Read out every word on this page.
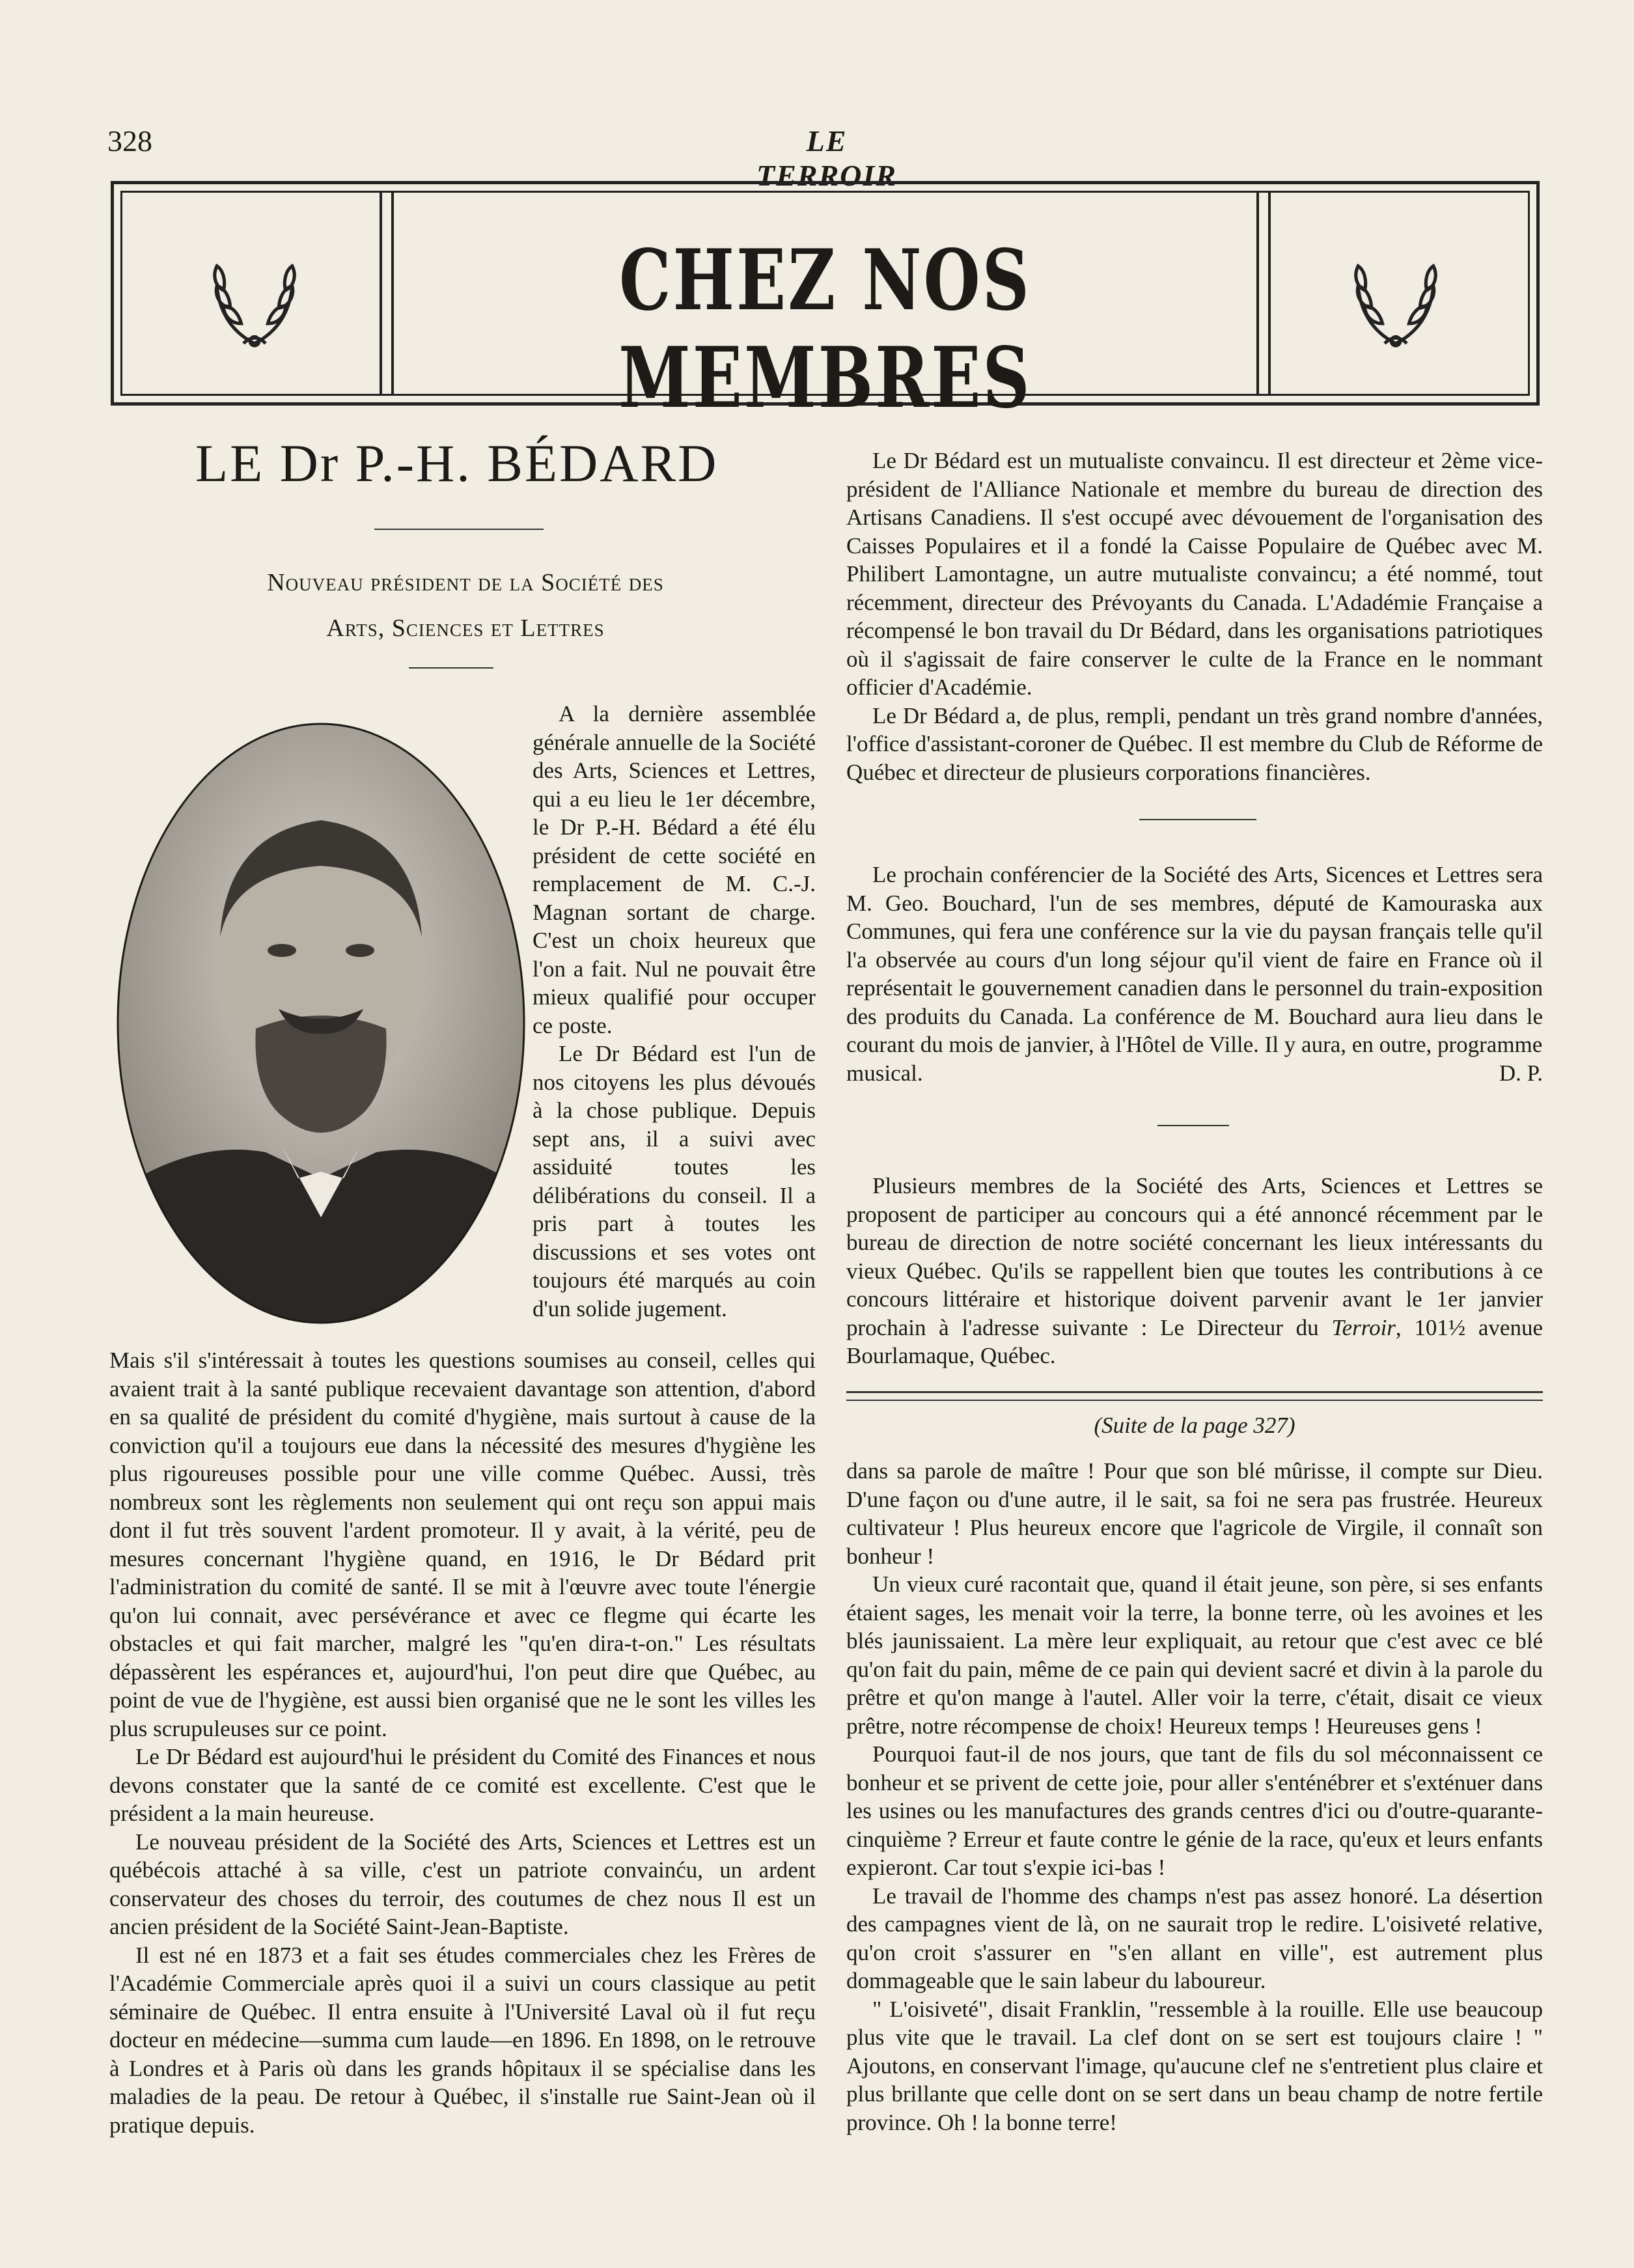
328	LE TERROIR
CHEZ NOS MEMBRES
LE Dr P.-H. BÉDARD
Nouveau président de la Société des
Arts, Sciences et Lettres

A la dernière assemblée générale annuelle de la Société des Arts, Sciences et Lettres, qui a eu lieu le 1er décembre, le Dr P.-H. Bédard a été élu président de cette société en remplacement de M. C.-J. Magnan sortant de charge. C'est un choix heureux que l'on a fait. Nul ne pouvait être mieux qualifié pour occuper ce poste.

Le Dr Bédard est l'un de nos citoyens les plus dévoués à la chose publique. Depuis sept ans, il a suivi avec assiduité toutes les délibérations du conseil. Il a pris part à toutes les discussions et ses votes ont toujours été marqués au coin d'un solide jugement.

Mais s'il s'intéressait à toutes les questions soumises au conseil, celles qui avaient trait à la santé publique recevaient davantage son attention, d'abord en sa qualité de président du comité d'hygiène, mais surtout à cause de la conviction qu'il a toujours eue dans la nécessité des mesures d'hygiène les plus rigoureuses possible pour une ville comme Québec. Aussi, très nombreux sont les règlements non seulement qui ont reçu son appui mais dont il fut très souvent l'ardent promoteur. Il y avait, à la vérité, peu de mesures concernant l'hygiène quand, en 1916, le Dr Bédard prit l'administration du comité de santé. Il se mit à l'œuvre avec toute l'énergie qu'on lui connait, avec persévérance et avec ce flegme qui écarte les obstacles et qui fait marcher, malgré les "qu'en dira-t-on." Les résultats dépassèrent les espérances et, aujourd'hui, l'on peut dire que Québec, au point de vue de l'hygiène, est aussi bien organisé que ne le sont les villes les plus scrupuleuses sur ce point.

Le Dr Bédard est aujourd'hui le président du Comité des Finances et nous devons constater que la santé de ce comité est excellente. C'est que le président a la main heureuse.

Le nouveau président de la Société des Arts, Sciences et Lettres est un québécois attaché à sa ville, c'est un patriote convainću, un ardent conservateur des choses du terroir, des coutumes de chez nous Il est un ancien président de la Société Saint-Jean-Baptiste.

Il est né en 1873 et a fait ses études commerciales chez les Frères de l'Académie Commerciale après quoi il a suivi un cours classique au petit séminaire de Québec. Il entra ensuite à l'Université Laval où il fut reçu docteur en médecine—summa cum laude—en 1896. En 1898, on le retrouve à Londres et à Paris où dans les grands hôpitaux il se spécialise dans les maladies de la peau. De retour à Québec, il s'installe rue Saint-Jean où il pratique depuis.

Le Dr Bédard est un mutualiste convaincu. Il est directeur et 2ème vice-président de l'Alliance Nationale et membre du bureau de direction des Artisans Canadiens. Il s'est occupé avec dévouement de l'organisation des Caisses Populaires et il a fondé la Caisse Populaire de Québec avec M. Philibert Lamontagne, un autre mutualiste convaincu; a été nommé, tout récemment, directeur des Prévoyants du Canada. L'Adadémie Française a récompensé le bon travail du Dr Bédard, dans les organisations patriotiques où il s'agissait de faire conserver le culte de la France en le nommant officier d'Académie.

Le Dr Bédard a, de plus, rempli, pendant un très grand nombre d'années, l'office d'assistant-coroner de Québec. Il est membre du Club de Réforme de Québec et directeur de plusieurs corporations financières.

Le prochain conférencier de la Société des Arts, Sicences et Lettres sera M. Geo. Bouchard, l'un de ses membres, député de Kamouraska aux Communes, qui fera une conférence sur la vie du paysan français telle qu'il l'a observée au cours d'un long séjour qu'il vient de faire en France où il représentait le gouvernement canadien dans le personnel du train-exposition des produits du Canada. La conférence de M. Bouchard aura lieu dans le courant du mois de janvier, à l'Hôtel de Ville. Il y aura, en outre, programme

musical.	D. P.

Plusieurs membres de la Société des Arts, Sciences et Lettres se proposent de participer au concours qui a été annoncé récemment par le bureau de direction de notre société concernant les lieux intéressants du vieux Québec. Qu'ils se rappellent bien que toutes les contributions à ce concours littéraire et historique doivent parvenir avant le 1er janvier prochain à l'adresse suivante : Le Directeur du Terroir, 101½ avenue Bourlamaque, Québec.

(Suite de la page 327)

dans sa parole de maître ! Pour que son blé mûrisse, il compte sur Dieu. D'une façon ou d'une autre, il le sait, sa foi ne sera pas frustrée. Heureux cultivateur ! Plus heureux encore que l'agricole de Virgile, il connaît son bonheur !

Un vieux curé racontait que, quand il était jeune, son père, si ses enfants étaient sages, les menait voir la terre, la bonne terre, où les avoines et les blés jaunissaient. La mère leur expliquait, au retour que c'est avec ce blé qu'on fait du pain, même de ce pain qui devient sacré et divin à la parole du prêtre et qu'on mange à l'autel. Aller voir la terre, c'était, disait ce vieux prêtre, notre récompense de choix! Heureux temps ! Heureuses gens !

Pourquoi faut-il de nos jours, que tant de fils du sol méconnaissent ce bonheur et se privent de cette joie, pour aller s'enténébrer et s'exténuer dans les usines ou les manufactures des grands centres d'ici ou d'outre-quarante-cinquième ? Erreur et faute contre le génie de la race, qu'eux et leurs enfants expieront. Car tout s'expie ici-bas !

Le travail de l'homme des champs n'est pas assez honoré. La désertion des campagnes vient de là, on ne saurait trop le redire. L'oisiveté relative, qu'on croit s'assurer en "s'en allant en ville", est autrement plus dommageable que le sain labeur du laboureur.

" L'oisiveté", disait Franklin, "ressemble à la rouille. Elle use beaucoup plus vite que le travail. La clef dont on se sert est toujours claire ! " Ajoutons, en conservant l'image, qu'aucune clef ne s'entretient plus claire et plus brillante que celle dont on se sert dans un beau champ de notre fertile province. Oh ! la bonne terre!
